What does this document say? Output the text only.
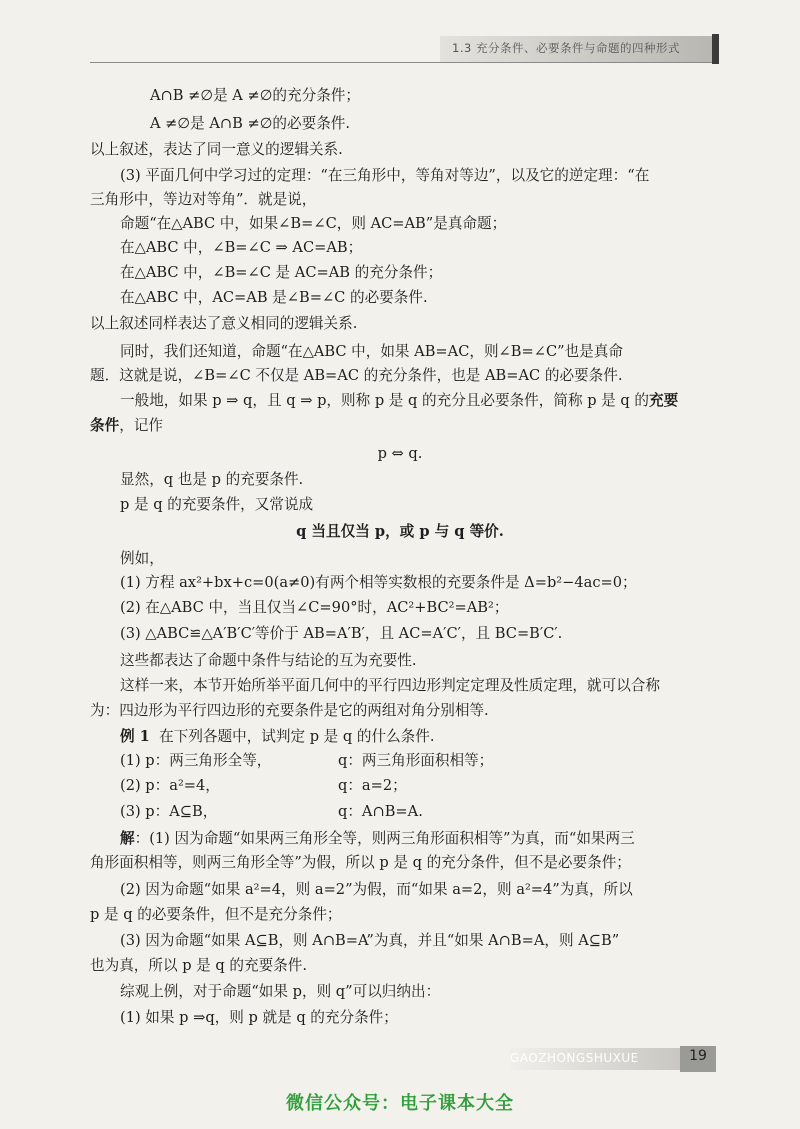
1.3 充分条件、必要条件与命题的四种形式
A∩B ≠∅是 A ≠∅的充分条件；
A ≠∅是 A∩B ≠∅的必要条件.
以上叙述，表达了同一意义的逻辑关系.
(3) 平面几何中学习过的定理：“在三角形中，等角对等边”，以及它的逆定理：“在
三角形中，等边对等角”．就是说，
命题“在△ABC 中，如果∠B=∠C，则 AC=AB”是真命题；
在△ABC 中，∠B=∠C ⇒ AC=AB；
在△ABC 中，∠B=∠C 是 AC=AB 的充分条件；
在△ABC 中，AC=AB 是∠B=∠C 的必要条件.
以上叙述同样表达了意义相同的逻辑关系.
同时，我们还知道，命题“在△ABC 中，如果 AB=AC，则∠B=∠C”也是真命
题．这就是说，∠B=∠C 不仅是 AB=AC 的充分条件，也是 AB=AC 的必要条件.
一般地，如果 p ⇒ q，且 q ⇒ p，则称 p 是 q 的充分且必要条件，简称 p 是 q 的充要
条件，记作
p ⇔ q.
显然，q 也是 p 的充要条件.
p 是 q 的充要条件，又常说成
q 当且仅当 p，或 p 与 q 等价.
例如，
(1) 方程 ax²+bx+c=0(a≠0)有两个相等实数根的充要条件是 Δ=b²−4ac=0；
(2) 在△ABC 中，当且仅当∠C=90°时，AC²+BC²=AB²；
(3) △ABC≌△A′B′C′等价于 AB=A′B′，且 AC=A′C′，且 BC=B′C′.
这些都表达了命题中条件与结论的互为充要性.
这样一来，本节开始所举平面几何中的平行四边形判定定理及性质定理，就可以合称
为：四边形为平行四边形的充要条件是它的两组对角分别相等.
例 1 在下列各题中，试判定 p 是 q 的什么条件.
(1) p：两三角形全等，	q：两三角形面积相等；
(2) p：a²=4，	q：a=2；
(3) p：A⊆B，	q：A∩B=A.
解：(1) 因为命题“如果两三角形全等，则两三角形面积相等”为真，而“如果两三
角形面积相等，则两三角形全等”为假，所以 p 是 q 的充分条件，但不是必要条件；
(2) 因为命题“如果 a²=4，则 a=2”为假，而“如果 a=2，则 a²=4”为真，所以
p 是 q 的必要条件，但不是充分条件；
(3) 因为命题“如果 A⊆B，则 A∩B=A”为真，并且“如果 A∩B=A，则 A⊆B”
也为真，所以 p 是 q 的充要条件.
综观上例，对于命题“如果 p，则 q”可以归纳出：
(1) 如果 p ⇒q，则 p 就是 q 的充分条件；
GAOZHONGSHUXUE	19
微信公众号：电子课本大全
